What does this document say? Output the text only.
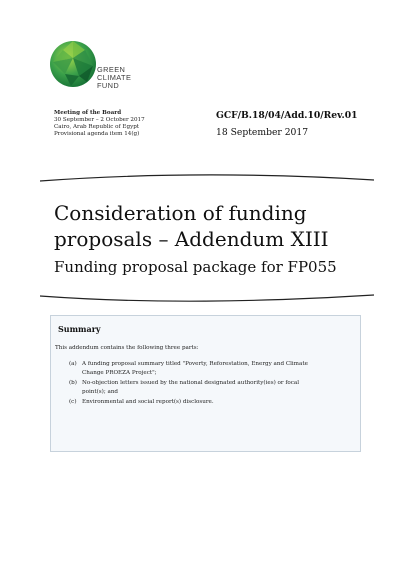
GREEN
CLIMATE
FUND
Meeting of the Board
30 September – 2 October 2017
Cairo, Arab Republic of Egypt
Provisional agenda item 14(g)
GCF/B.18/04/Add.10/Rev.01
18 September 2017
Consideration of funding
proposals – Addendum XIII
Funding proposal package for FP055
Summary
This addendum contains the following three parts:
(a) A funding proposal summary titled "Poverty, Reforestation, Energy and Climate Change PROEZA Project";
(b) No-objection letters issued by the national designated authority(ies) or focal point(s); and
(c) Environmental and social report(s) disclosure.
